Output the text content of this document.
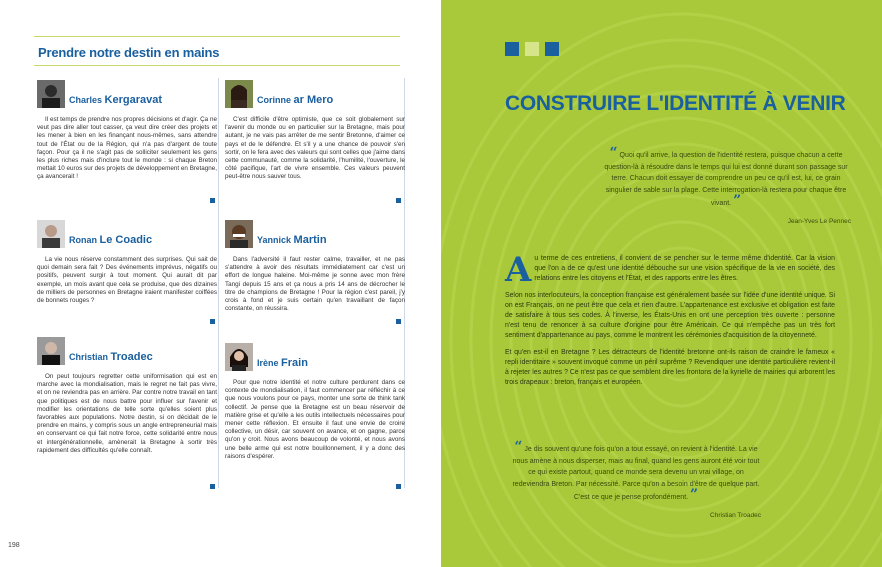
Prendre notre destin en mains
Charles Kergaravat
Il est temps de prendre nos propres décisions et d'agir. Ça ne veut pas dire aller tout casser, ça veut dire créer des projets et les mener à bien en les finançant nous-mêmes, sans attendre tout de l'État ou de la Région, qui n'a pas d'argent de toute façon. Pour ça il ne s'agit pas de solliciter seulement les gens les plus riches mais d'inclure tout le monde : si chaque Breton mettait 10 euros sur des projets de développement en Bretagne, ça avancerait !
Corinne ar Mero
C'est difficile d'être optimiste, que ce soit globalement sur l'avenir du monde ou en particulier sur la Bretagne, mais pour autant, je ne vais pas arrêter de me sentir Bretonne, d'aimer ce pays et de le défendre. Et s'il y a une chance de pouvoir s'en sortir, on le fera avec des valeurs qui sont celles que j'aime dans cette communauté, comme la solidarité, l'humilité, l'ouverture, le côté pacifique, l'art de vivre ensemble. Ces valeurs peuvent peut-être nous sauver tous.
Ronan Le Coadic
La vie nous réserve constamment des surprises. Qui sait de quoi demain sera fait ? Des événements imprévus, négatifs ou positifs, peuvent surgir à tout moment. Qui aurait dit par exemple, un mois avant que cela se produise, que des dizaines de milliers de personnes en Bretagne iraient manifester coiffées de bonnets rouges ?
Yannick Martin
Dans l'adversité il faut rester calme, travailler, et ne pas s'attendre à avoir des résultats immédiatement car c'est un effort de longue haleine. Moi-même je sonne avec mon frère Tangi depuis 15 ans et ça nous a pris 14 ans de décrocher le titre de champions de Bretagne ! Pour la région c'est pareil, j'y crois à fond et je suis certain qu'en travaillant de façon constante, on réussira.
Christian Troadec
On peut toujours regretter cette uniformisation qui est en marche avec la mondialisation, mais le regret ne fait pas vivre, et on ne reviendra pas en arrière. Par contre notre travail en tant que politiques est de nous battre pour influer sur l'avenir et modifier les orientations de telle sorte qu'elles soient plus favorables aux populations. Notre destin, si on décidait de le prendre en mains, y compris sous un angle entrepreneurial mais en conservant ce qui fait notre force, cette solidarité entre nous et intergénérationnelle, amènerait la Bretagne à sortir très rapidement des difficultés qu'elle connaît.
Irène Frain
Pour que notre identité et notre culture perdurent dans ce contexte de mondialisation, il faut commencer par réfléchir à ce que nous voulons pour ce pays, monter une sorte de think tank collectif. Je pense que la Bretagne est un beau réservoir de matière grise et qu'elle a les outils intellectuels nécessaires pour mener cette réflexion. Et ensuite il faut une envie de croire collective, un désir, car souvent on avance, et on gagne, parce qu'on y croit. Nous avons beaucoup de volonté, et nous avons une belle arme qui est notre bouillonnement, il y a donc des raisons d'espérer.
198
CONSTRUIRE L'IDENTITÉ À VENIR
“ Quoi qu'il arrive, la question de l'identité restera, puisque chacun a cette question-là à résoudre dans le temps qui lui est donné durant son passage sur terre. Chacun doit essayer de comprendre un peu ce qu'il est, lui, ce grain singulier de sable sur la plage. Cette interrogation-là restera pour chaque être vivant. ”
Jean-Yves Le Pennec
A u terme de ces entretiens, il convient de se pencher sur le terme même d'identité. Car la vision que l'on a de ce qu'est une identité débouche sur une vision spécifique de la vie en société, des relations entre les citoyens et l'État, et des rapports entre les êtres.
Selon nos interlocuteurs, la conception française est généralement basée sur l'idée d'une identité unique. Si on est Français, on ne peut être que cela et rien d'autre. L'appartenance est exclusive et obligation est faite de satisfaire à tous ses codes. À l'inverse, les États-Unis en ont une perception très ouverte : personne n'est tenu de renoncer à sa culture d'origine pour être Américain. Ce qui n'empêche pas un très fort sentiment d'appartenance au pays, comme le montrent les cérémonies d'acquisition de la citoyenneté.
Et qu'en est-il en Bretagne ? Les détracteurs de l'identité bretonne ont-ils raison de craindre le fameux « repli identitaire » souvent invoqué comme un péril suprême ? Revendiquer une identité particulière revient-il à rejeter les autres ? Ce n'est pas ce que semblent dire les frontons de la kyrielle de mairies qui arborent les trois drapeaux : breton, français et européen.
“ Je dis souvent qu'une fois qu'on a tout essayé, on revient à l'identité. La vie nous amène à nous disperser, mais au final, quand les gens auront été voir tout ce qui existe partout, quand ce monde sera devenu un vrai village, on redeviendra Breton. Par nécessité. Parce qu'on a besoin d'être de quelque part. C'est ce que je pense profondément. ”
Christian Troadec
